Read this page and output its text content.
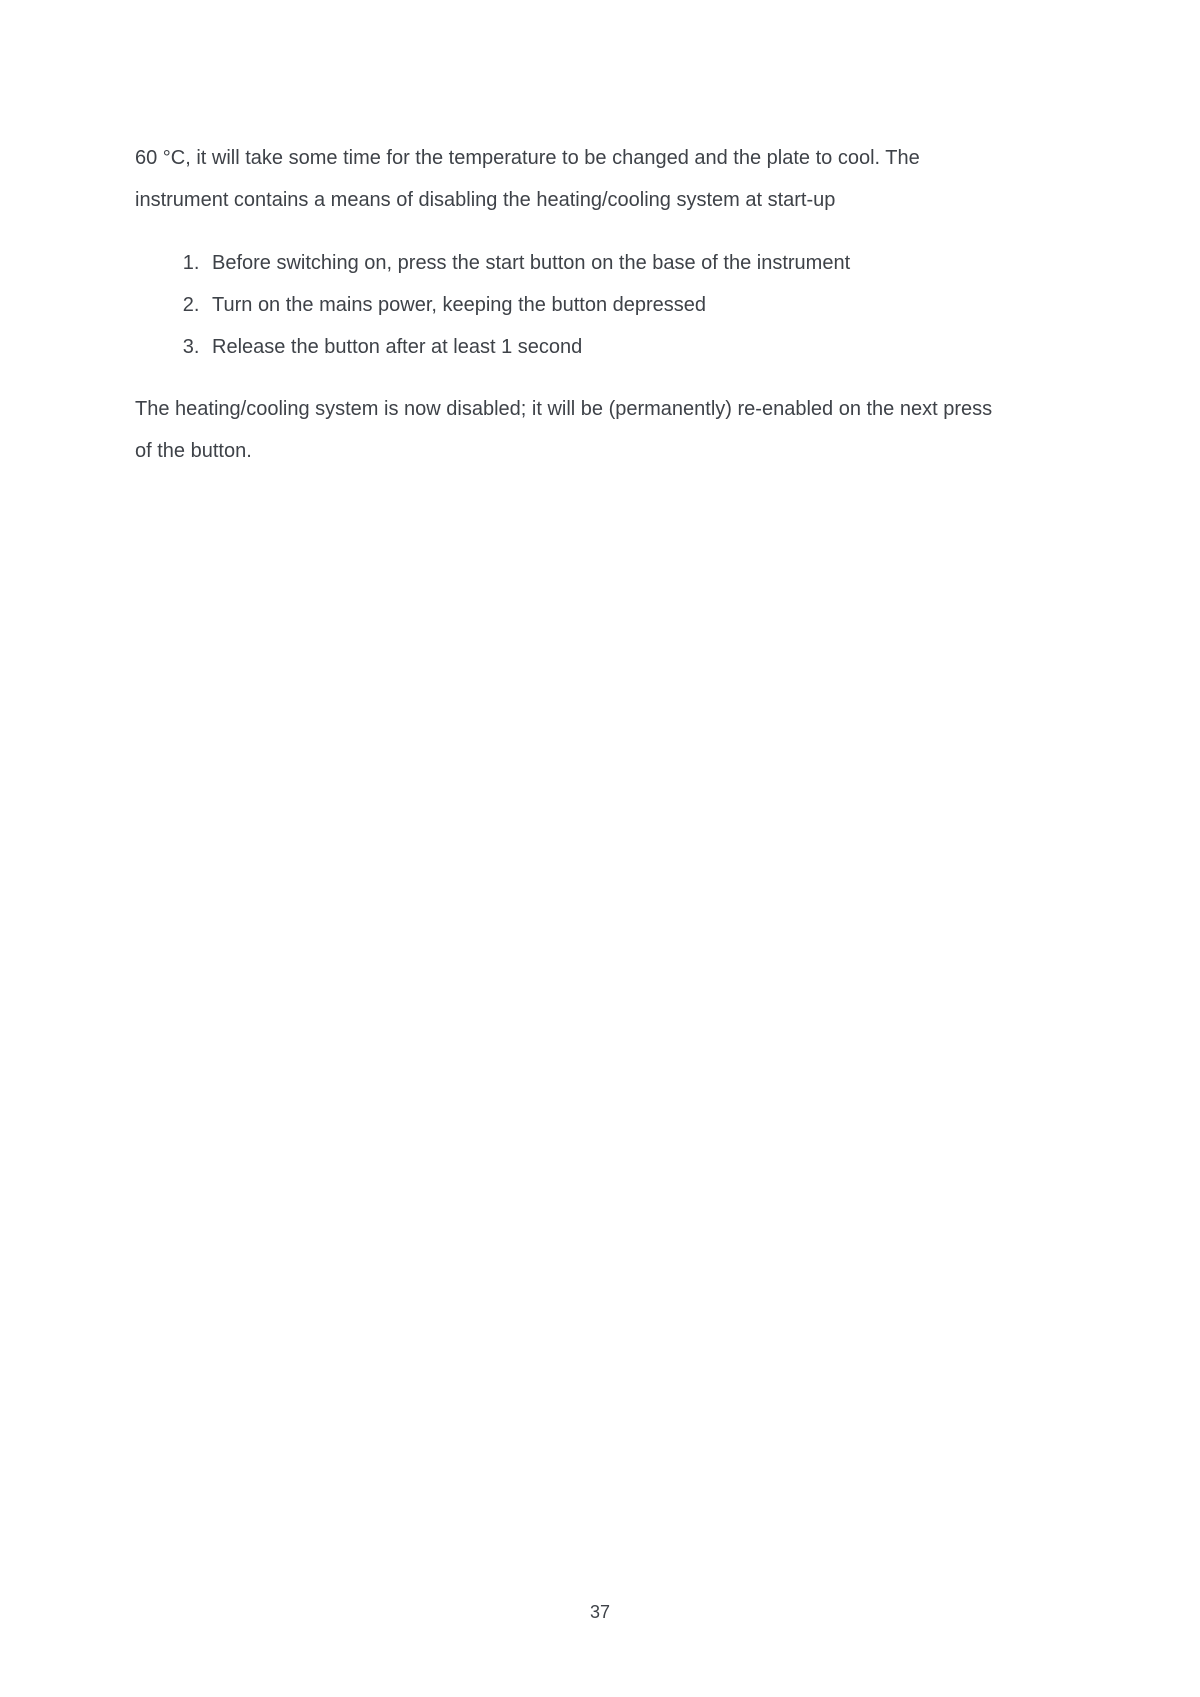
60 °C, it will take some time for the temperature to be changed and the plate to cool. The instrument contains a means of disabling the heating/cooling system at start-up

1. Before switching on, press the start button on the base of the instrument
2. Turn on the mains power, keeping the button depressed
3. Release the button after at least 1 second

The heating/cooling system is now disabled; it will be (permanently) re-enabled on the next press of the button.

37
